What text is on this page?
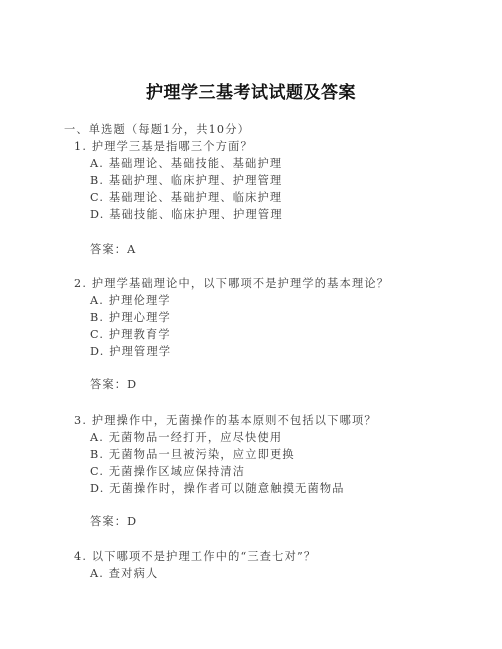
护理学三基考试试题及答案
一、单选题（每题1分，共10分）
1. 护理学三基是指哪三个方面？
A. 基础理论、基础技能、基础护理
B. 基础护理、临床护理、护理管理
C. 基础理论、基础护理、临床护理
D. 基础技能、临床护理、护理管理
答案：A
2. 护理学基础理论中，以下哪项不是护理学的基本理论？
A. 护理伦理学
B. 护理心理学
C. 护理教育学
D. 护理管理学
答案：D
3. 护理操作中，无菌操作的基本原则不包括以下哪项？
A. 无菌物品一经打开，应尽快使用
B. 无菌物品一旦被污染，应立即更换
C. 无菌操作区域应保持清洁
D. 无菌操作时，操作者可以随意触摸无菌物品
答案：D
4. 以下哪项不是护理工作中的“三查七对”？
A. 查对病人
